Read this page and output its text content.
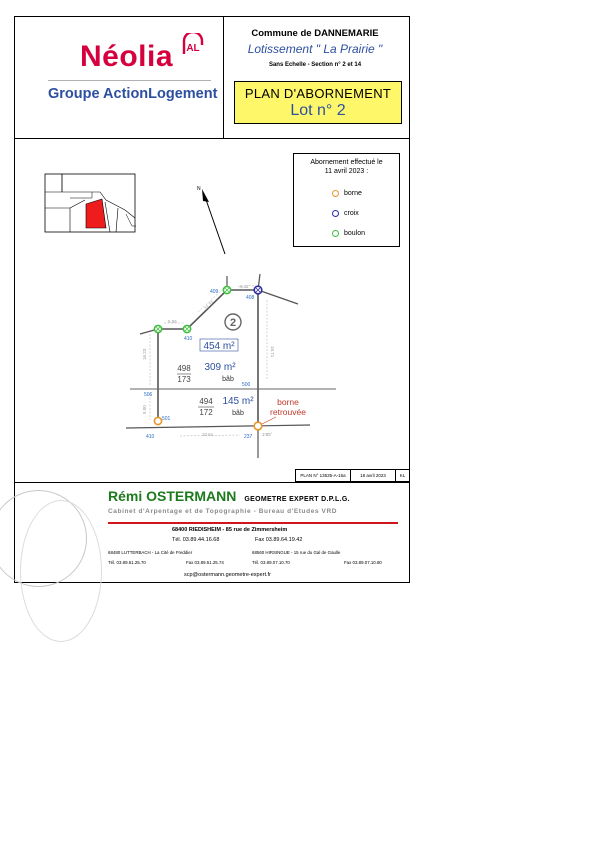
Néolia AL
Groupe ActionLogement
Commune de DANNEMARIE
Lotissement " La Prairie "
Sans Echelle - Section n° 2 et 14
PLAN D'ABORNEMENT
Lot n° 2
Abornement effectué le
11 avril 2023 :
borne
croix
boulon
N
6.11
11.37
5.56
16.71
16.23
5.00
10.61	1.62
409
408
410
500
501
410	237
506
2
454 m²
498
173
309 m²
bâb
494
172
145 m²
bâb
borne
retrouvée
PLAN N° 13535-A-16a	18 avril 2023	KL
Rémi OSTERMANN GEOMETRE EXPERT D.P.L.G.
Cabinet d'Arpentage et de Topographie - Bureau d'Etudes VRD
68400 RIEDISHEIM - 85 rue de Zimmersheim
Tél. 03.89.44.16.68	Fax 03.89.64.19.42
68480 LUTTERBACH - La Cité de Freddier
Tél. 03.89.51.25.70	Fax 03.89.51.25.74
68560 HIRSINGUE - 15 rue du Gal de Gaulle
Tél. 03.89.07.10.70	Fax 03.89.07.10.80
scp@ostermann.geometre-expert.fr
